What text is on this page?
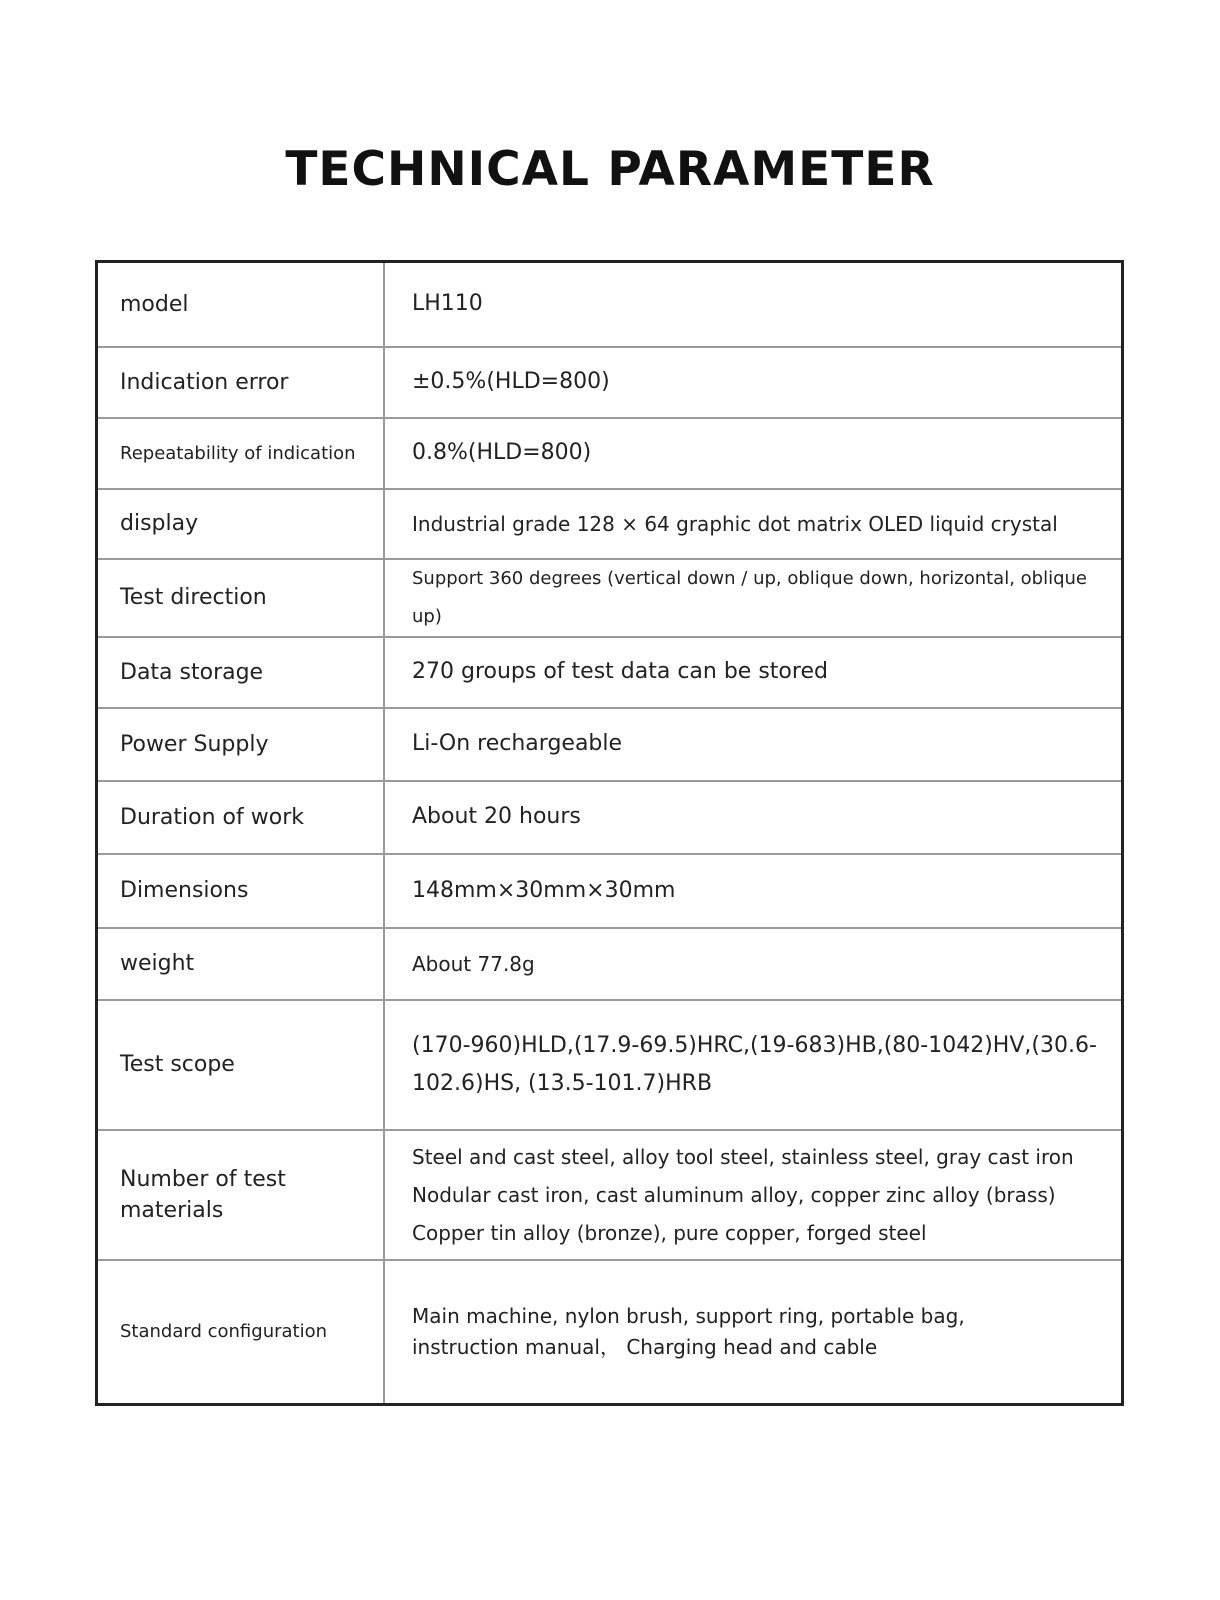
TECHNICAL PARAMETER
model	LH110

Indication error	±0.5%(HLD=800)

Repeatability of indication	0.8%(HLD=800)

display	Industrial grade 128 × 64 graphic dot matrix OLED liquid crystal

Test direction	Support 360 degrees (vertical down / up, oblique down, horizontal, oblique up)

Data storage	270 groups of test data can be stored

Power Supply	Li-On rechargeable

Duration of work	About 20 hours

Dimensions	148mm×30mm×30mm

weight	About 77.8g

Test scope	(170-960)HLD,(17.9-69.5)HRC,(19-683)HB,(80-1042)HV,(30.6-
102.6)HS, (13.5-101.7)HRB

Number of test
materials	Steel and cast steel, alloy tool steel, stainless steel, gray cast iron
Nodular cast iron, cast aluminum alloy, copper zinc alloy (brass)
Copper tin alloy (bronze), pure copper, forged steel

Standard configuration	Main machine, nylon brush, support ring, portable bag,
instruction manual， Charging head and cable
